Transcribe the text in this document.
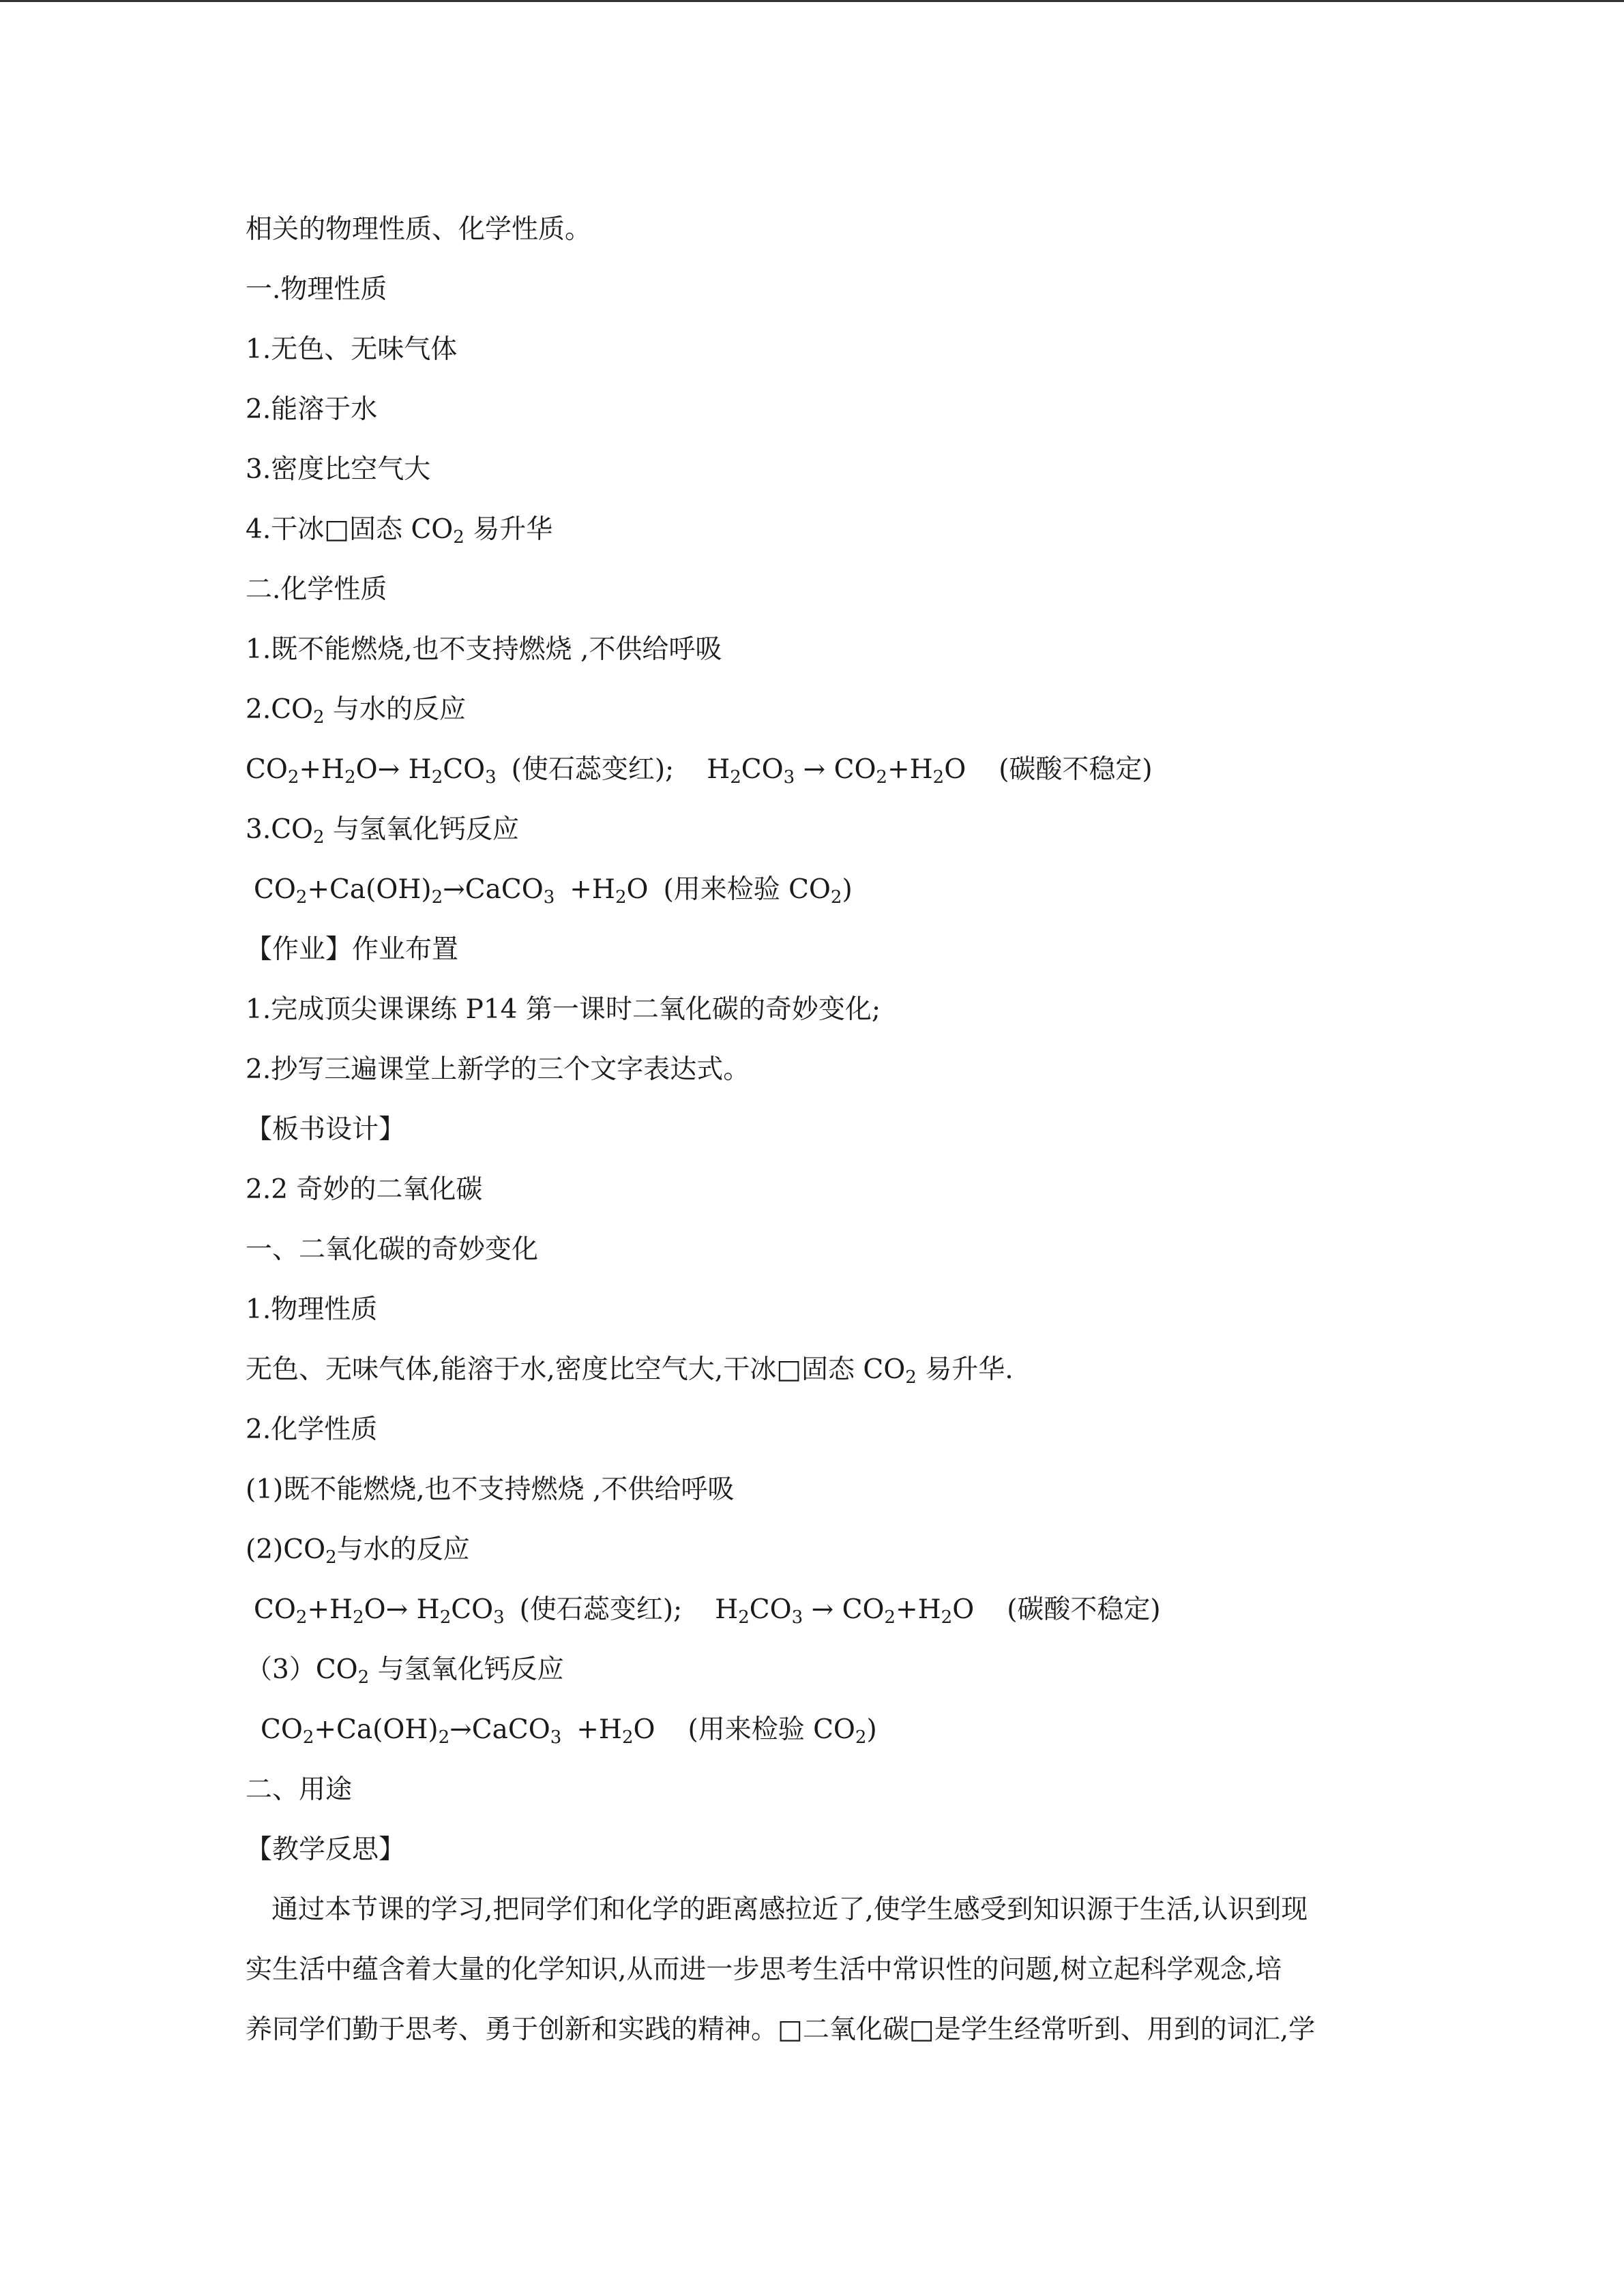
相关的物理性质、化学性质。
一.物理性质
1.无色、无味气体
2.能溶于水
3.密度比空气大
4.干冰□固态 $CO_2$ 易升华
二.化学性质
1.既不能燃烧,也不支持燃烧 ,不供给呼吸
$2.CO_2$ 与水的反应
$CO_2+H_2O\to H_2CO_3$ (使石蕊变红); $H_2CO_3 \to CO_2+H_2O$ (碳酸不稳定)
$3.CO_2$ 与氢氧化钙反应
$CO_2+Ca(OH)_2\to CaCO_3 +H_2O$ (用来检验 $CO_2$)
【作业】作业布置
1.完成顶尖课课练 P14 第一课时二氧化碳的奇妙变化;
2.抄写三遍课堂上新学的三个文字表达式。
【板书设计】
2.2 奇妙的二氧化碳
一、二氧化碳的奇妙变化
1.物理性质
无色、无味气体,能溶于水,密度比空气大,干冰□固态 $CO_2$ 易升华.
2.化学性质
(1)既不能燃烧,也不支持燃烧 ,不供给呼吸
$(2)CO_2$与水的反应
$CO_2+H_2O\to H_2CO_3$ (使石蕊变红); $H_2CO_3 \to CO_2+H_2O$ (碳酸不稳定)
$(3)CO_2$ 与氢氧化钙反应
$CO_2+Ca(OH)_2\to CaCO_3 +H_2O$ (用来检验 $CO_2$)
二、用途
【教学反思】
通过本节课的学习,把同学们和化学的距离感拉近了,使学生感受到知识源于生活,认识到现
实生活中蕴含着大量的化学知识,从而进一步思考生活中常识性的问题,树立起科学观念,培
养同学们勤于思考、勇于创新和实践的精神。□二氧化碳□是学生经常听到、用到的词汇,学
